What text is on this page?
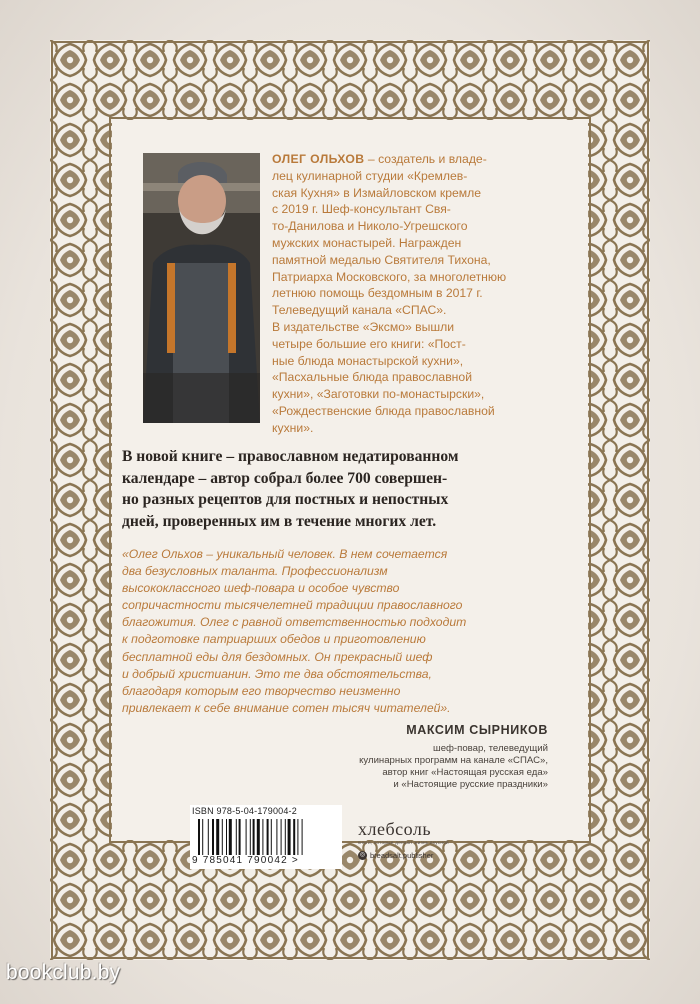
ОЛЕГ ОЛЬХОВ – создатель и владе-

лец кулинарной студии «Кремлев-

ская Кухня» в Измайловском кремле

с 2019 г. Шеф-консультант Свя-

то-Данилова и Николо-Угрешского

мужских монастырей. Награжден

памятной медалью Святителя Тихона,

Патриарха Московского, за многолетнюю

летнюю помощь бездомным в 2017 г.

Телеведущий канала «СПАС».

В издательстве «Эксмо» вышли

четыре большие его книги: «Пост-

ные блюда монастырской кухни»,

«Пасхальные блюда православной

кухни», «Заготовки по-монастырски»,

«Рождественские блюда православной

кухни».

В новой книге – православном недатированном
календаре – автор собрал более 700 совершен-
но разных рецептов для постных и непостных
дней, проверенных им в течение многих лет.
«Олег Ольхов – уникальный человек. В нем сочетается
два безусловных таланта. Профессионализм
высококлассного шеф-повара и особое чувство
сопричастности тысячелетней традиции православного
благожития. Олег с равной ответственностью подходит
к подготовке патриарших обедов и приготовлению
бесплатной еды для бездомных. Он прекрасный шеф
и добрый христианин. Это те два обстоятельства,
благодаря которым его творчество неизменно
привлекает к себе внимание сотен тысяч читателей».
МАКСИМ СЫРНИКОВ
шеф-повар, телеведущий
кулинарных программ на канале «СПАС»,
автор книг «Настоящая русская еда»
и «Настоящие русские праздники»
ISBN 978-5-04-179004-2
9 785041 790042 >
хлебсоль
книги, которые делают жизнь вкусной
◎ breadsalt.publisher
bookclub.by
